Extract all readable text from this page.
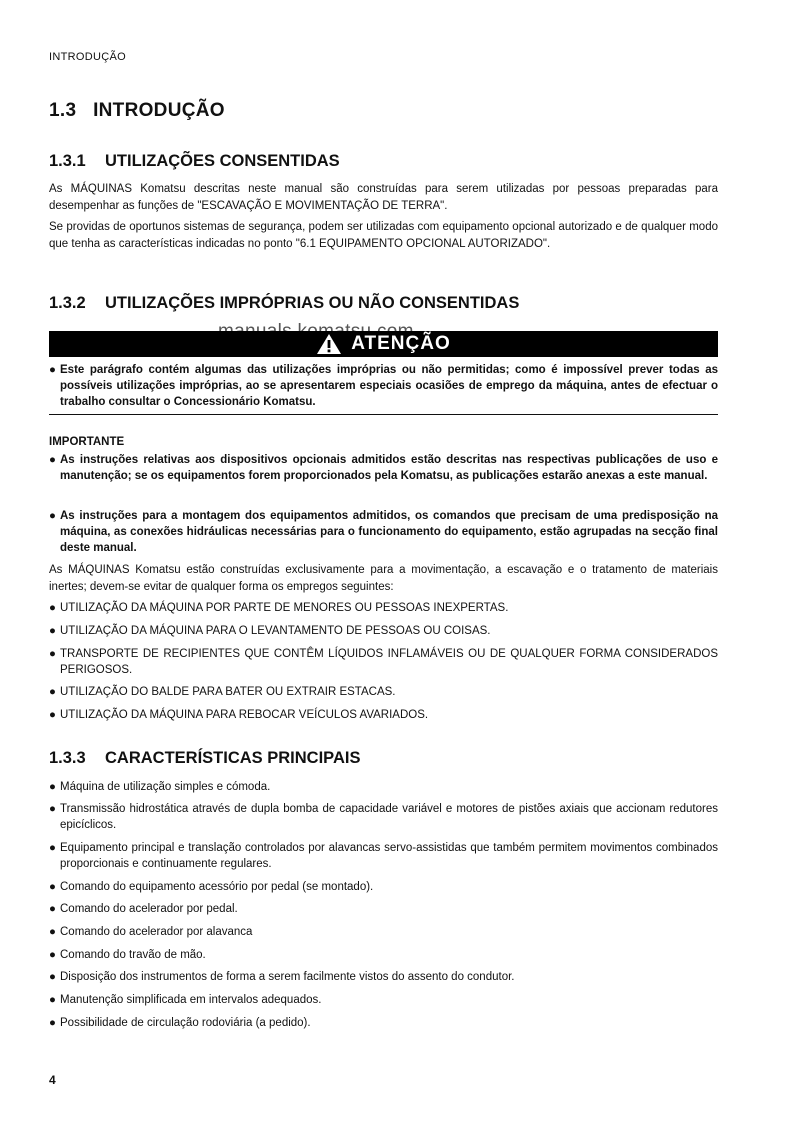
INTRODUÇÃO
1.3 INTRODUÇÃO
1.3.1 UTILIZAÇÕES CONSENTIDAS

As MÁQUINAS Komatsu descritas neste manual são construídas para serem utilizadas por pessoas preparadas para desempenhar as funções de "ESCAVAÇÃO E MOVIMENTAÇÃO DE TERRA".

Se providas de oportunos sistemas de segurança, podem ser utilizadas com equipamento opcional autorizado e de qualquer modo que tenha as características indicadas no ponto "6.1 EQUIPAMENTO OPCIONAL AUTORIZADO".

1.3.2 UTILIZAÇÕES IMPRÓPRIAS OU NÃO CONSENTIDAS
ATENÇÃO
● Este parágrafo contém algumas das utilizações impróprias ou não permitidas; como é impossível prever todas as possíveis utilizações impróprias, ao se apresentarem especiais ocasiões de emprego da máquina, antes de efectuar o trabalho consultar o Concessionário Komatsu.
IMPORTANTE
● As instruções relativas aos dispositivos opcionais admitidos estão descritas nas respectivas publicações de uso e manutenção; se os equipamentos forem proporcionados pela Komatsu, as publicações estarão anexas a este manual.
● As instruções para a montagem dos equipamentos admitidos, os comandos que precisam de uma predisposição na máquina, as conexões hidráulicas necessárias para o funcionamento do equipamento, estão agrupadas na secção final deste manual.

As MÁQUINAS Komatsu estão construídas exclusivamente para a movimentação, a escavação e o tratamento de materiais inertes; devem-se evitar de qualquer forma os empregos seguintes:

● UTILIZAÇÃO DA MÁQUINA POR PARTE DE MENORES OU PESSOAS INEXPERTAS.
● UTILIZAÇÃO DA MÁQUINA PARA O LEVANTAMENTO DE PESSOAS OU COISAS.
● TRANSPORTE DE RECIPIENTES QUE CONTÊM LÍQUIDOS INFLAMÁVEIS OU DE QUALQUER FORMA CONSIDERADOS PERIGOSOS.
● UTILIZAÇÃO DO BALDE PARA BATER OU EXTRAIR ESTACAS.
● UTILIZAÇÃO DA MÁQUINA PARA REBOCAR VEÍCULOS AVARIADOS.
1.3.3 CARACTERÍSTICAS PRINCIPAIS
● Máquina de utilização simples e cómoda.
● Transmissão hidrostática através de dupla bomba de capacidade variável e motores de pistões axiais que accionam redutores epicíclicos.
● Equipamento principal e translação controlados por alavancas servo-assistidas que também permitem movimentos combinados proporcionais e continuamente regulares.
● Comando do equipamento acessório por pedal (se montado).
● Comando do acelerador por pedal.
● Comando do acelerador por alavanca
● Comando do travão de mão.
● Disposição dos instrumentos de forma a serem facilmente vistos do assento do condutor.
● Manutenção simplificada em intervalos adequados.
● Possibilidade de circulação rodoviária (a pedido).
4
